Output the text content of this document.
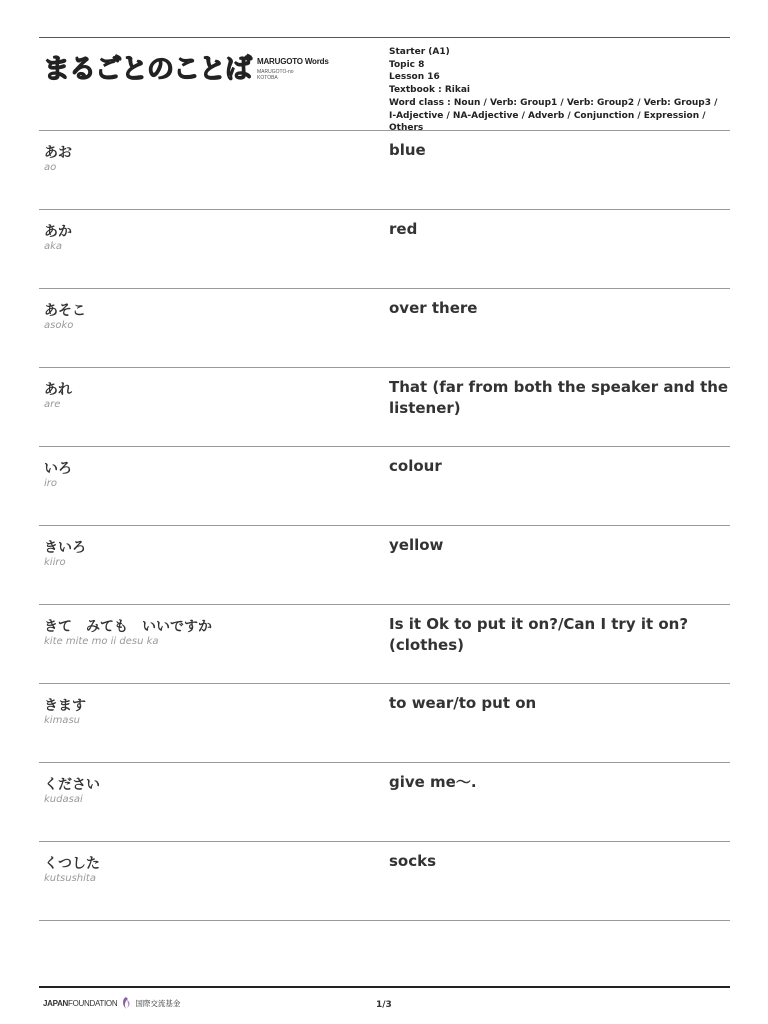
まるごとのことば MARUGOTO Words
MARUGOTO-no KOTOBA
Starter (A1)
Topic 8
Lesson 16
Textbook : Rikai
Word class : Noun / Verb: Group1 / Verb: Group2 / Verb: Group3 / I-Adjective / NA-Adjective / Adverb / Conjunction / Expression / Others
あお
ao
blue
あか
aka
red
あそこ
asoko
over there
あれ
are
That (far from both the speaker and the listener)
いろ
iro
colour
きいろ
kiiro
yellow
きて　みても　いいですか
kite mite mo ii desu ka
Is it Ok to put it on?/Can I try it on? (clothes)
きます
kimasu
to wear/to put on
ください
kudasai
give me～.
くつした
kutsushita
socks
JAPANFOUNDATION 国際交流基金	1/3
